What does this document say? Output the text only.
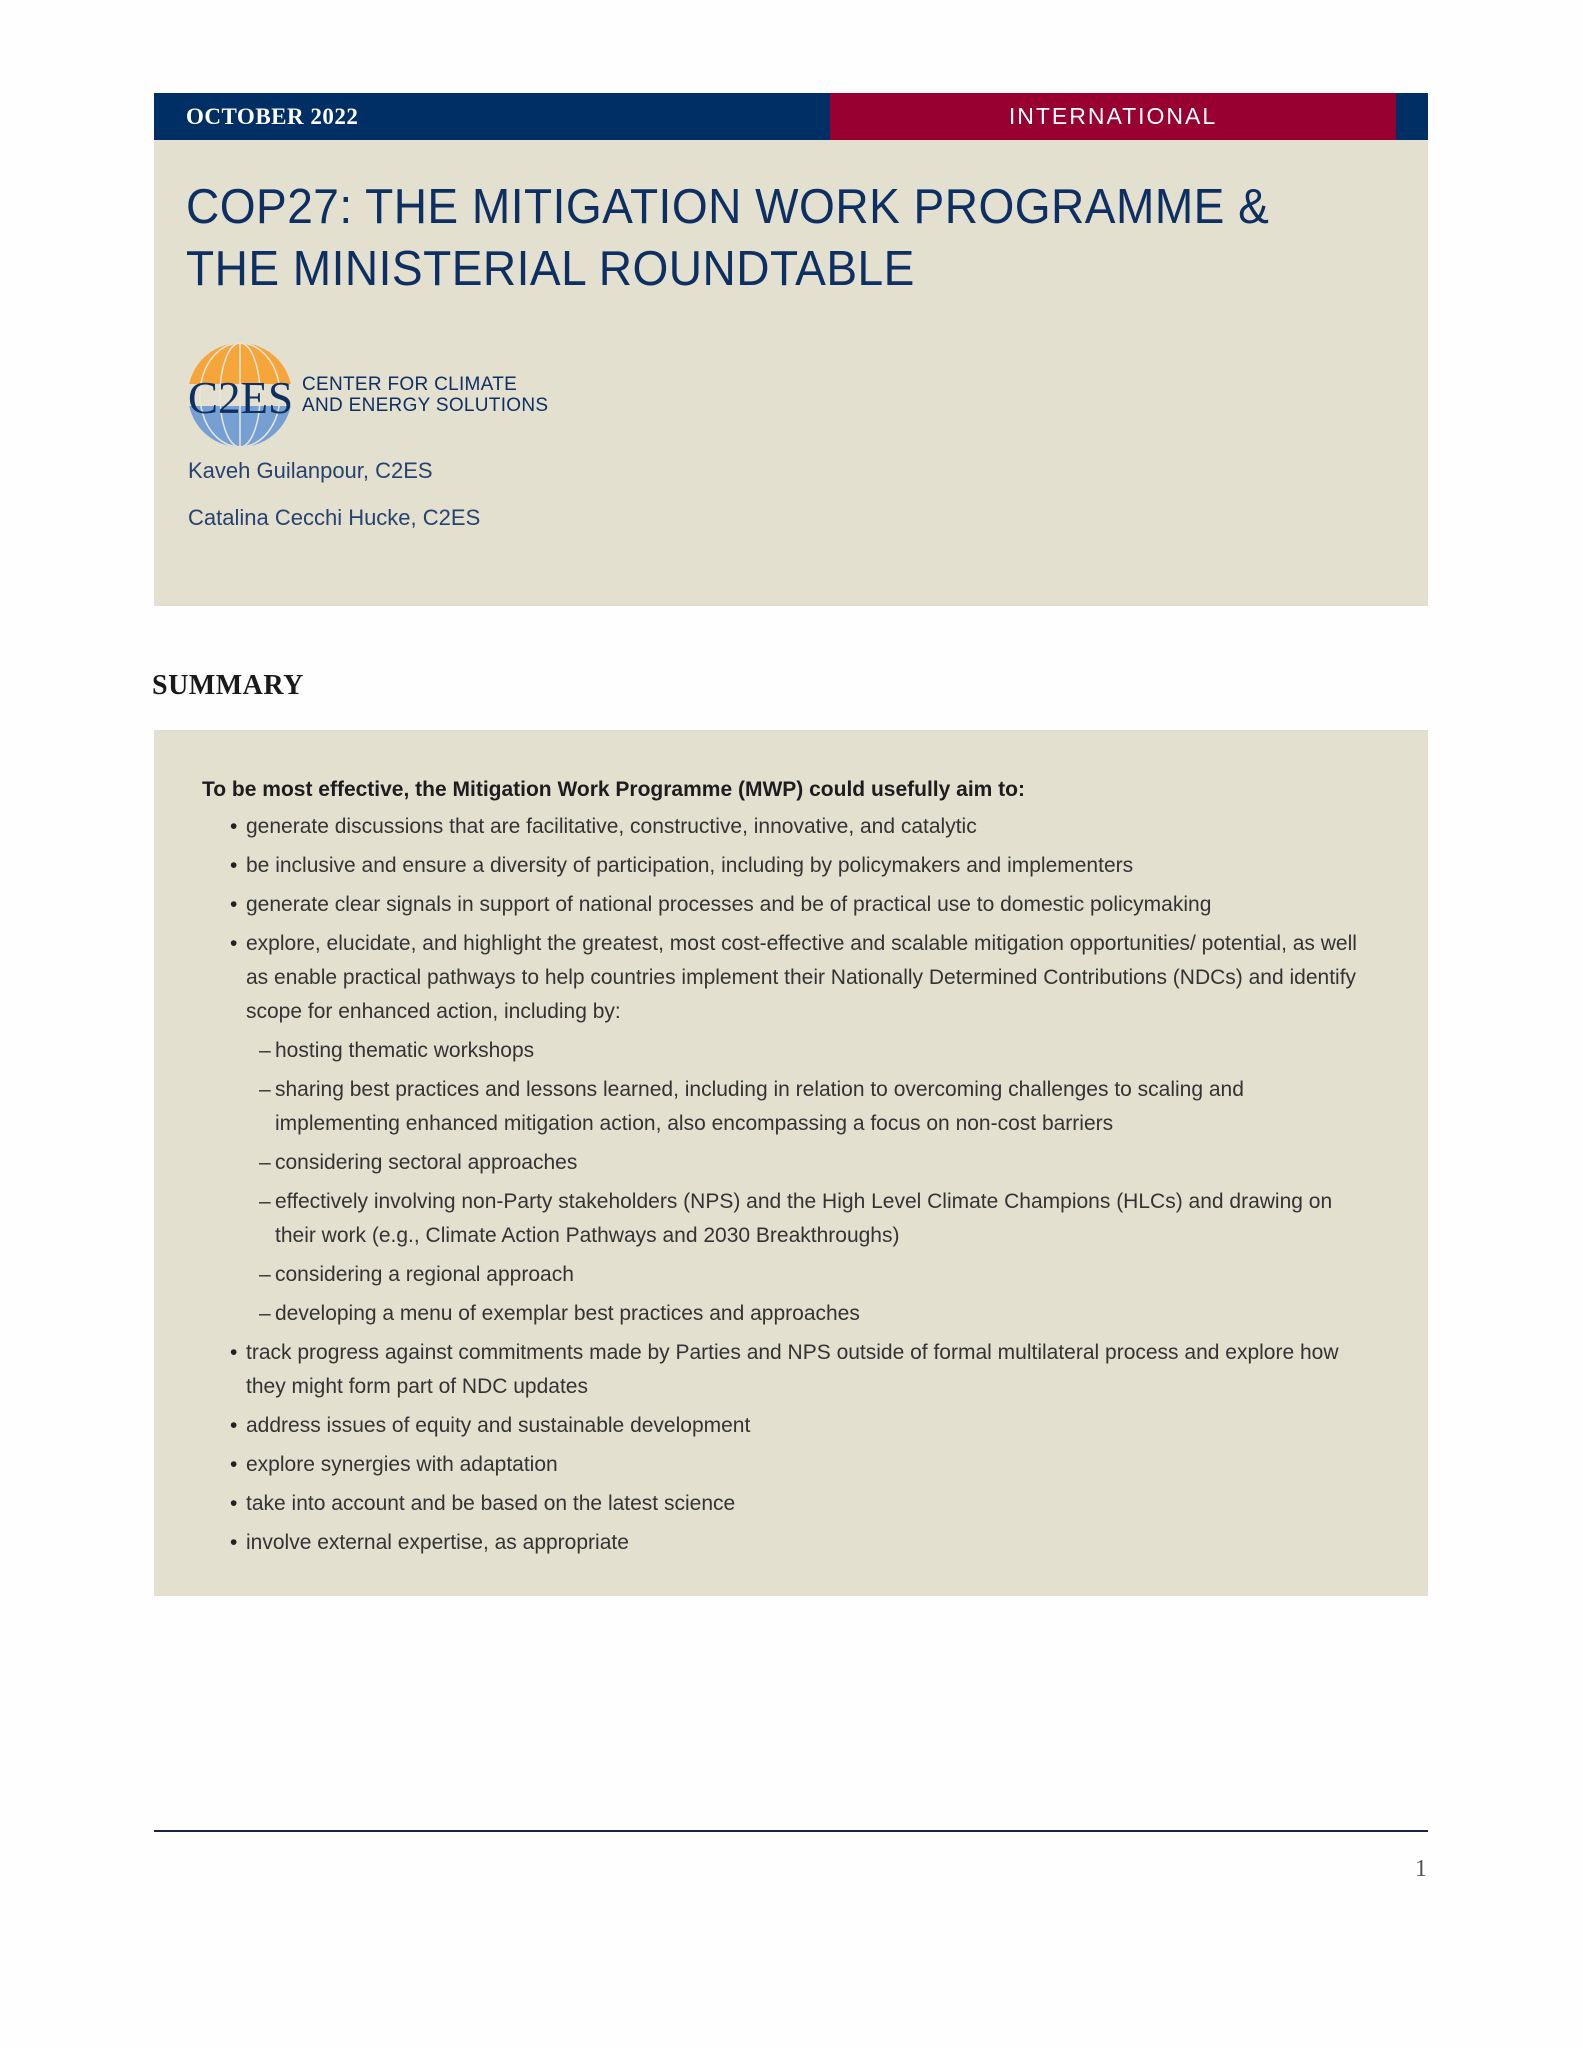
OCTOBER 2022	INTERNATIONAL
COP27: THE MITIGATION WORK PROGRAMME &
THE MINISTERIAL ROUNDTABLE
C2ES CENTER FOR CLIMATE
AND ENERGY SOLUTIONS
Kaveh Guilanpour, C2ES
Catalina Cecchi Hucke, C2ES
SUMMARY

To be most effective, the Mitigation Work Programme (MWP) could usefully aim to:

• generate discussions that are facilitative, constructive, innovative, and catalytic
• be inclusive and ensure a diversity of participation, including by policymakers and implementers
• generate clear signals in support of national processes and be of practical use to domestic policymaking
• explore, elucidate, and highlight the greatest, most cost-effective and scalable mitigation opportunities/ potential, as well as enable practical pathways to help countries implement their Nationally Determined Contributions (NDCs) and identify scope for enhanced action, including by:
– hosting thematic workshops
– sharing best practices and lessons learned, including in relation to overcoming challenges to scaling and implementing enhanced mitigation action, also encompassing a focus on non-cost barriers
– considering sectoral approaches
– effectively involving non-Party stakeholders (NPS) and the High Level Climate Champions (HLCs) and drawing on their work (e.g., Climate Action Pathways and 2030 Breakthroughs)
– considering a regional approach
– developing a menu of exemplar best practices and approaches
• track progress against commitments made by Parties and NPS outside of formal multilateral process and explore how they might form part of NDC updates
• address issues of equity and sustainable development
• explore synergies with adaptation
• take into account and be based on the latest science
• involve external expertise, as appropriate
1
